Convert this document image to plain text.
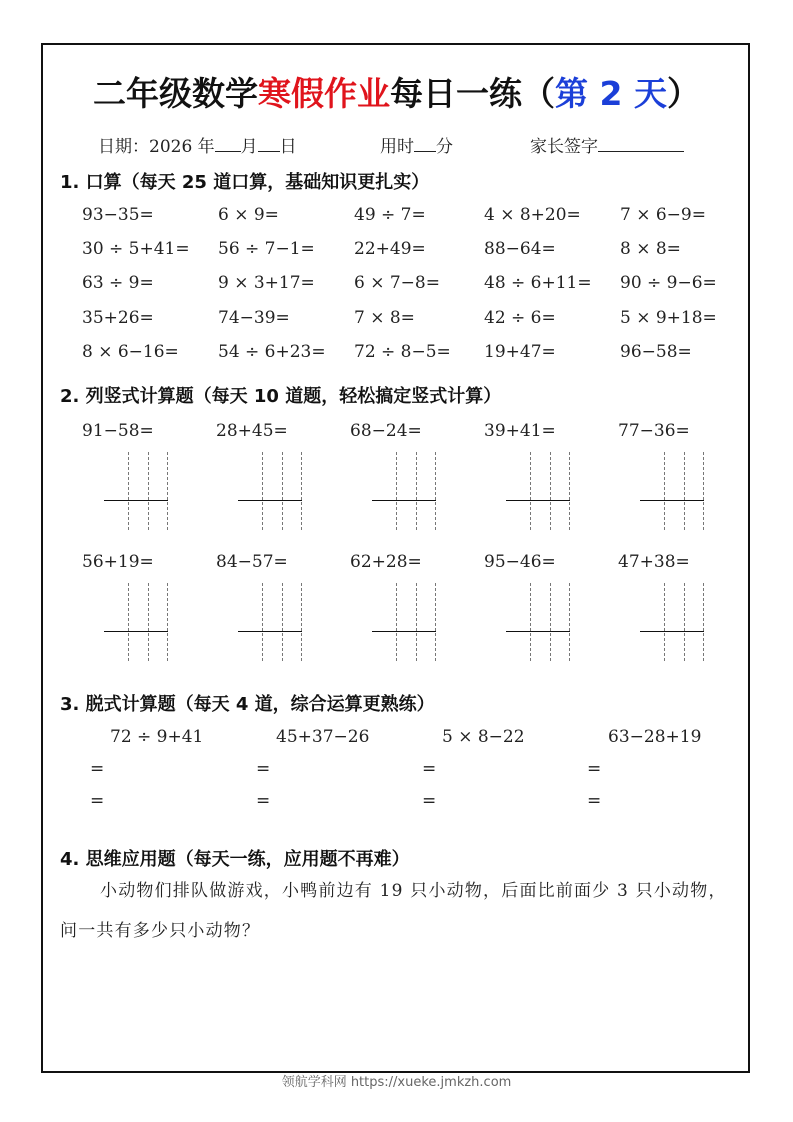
二年级数学寒假作业每日一练（第 2 天）
日期：2026 年 月 日	用时 分	家长签字
1. 口算（每天 25 道口算，基础知识更扎实）
93−35=	6 × 9=	49 ÷ 7=	4 × 8+20= 7 × 6−9=
30 ÷ 5+41= 56 ÷ 7−1= 22+49=	88−64=	8 × 8=
63 ÷ 9=	9 × 3+17= 6 × 7−8=	48 ÷ 6+11= 90 ÷ 9−6=
35+26=	74−39=	7 × 8=	42 ÷ 6=	5 × 9+18=
8 × 6−16= 54 ÷ 6+23= 72 ÷ 8−5= 19+47=	96−58=
2. 列竖式计算题（每天 10 道题，轻松搞定竖式计算）
91−58=	28+45=	68−24=	39+41=	77−36=
56+19=	84−57=	62+28=	95−46=	47+38=
3. 脱式计算题（每天 4 道，综合运算更熟练）
72 ÷ 9+41
=
=
45+37−26
=
=
5 × 8−22
=
=
63−28+19
=
=
4. 思维应用题（每天一练，应用题不再难）
小动物们排队做游戏，小鸭前边有 19 只小动物，后面比前面少 3 只小动物，问一共有多少只小动物？
领航学科网 https://xueke.jmkzh.com
